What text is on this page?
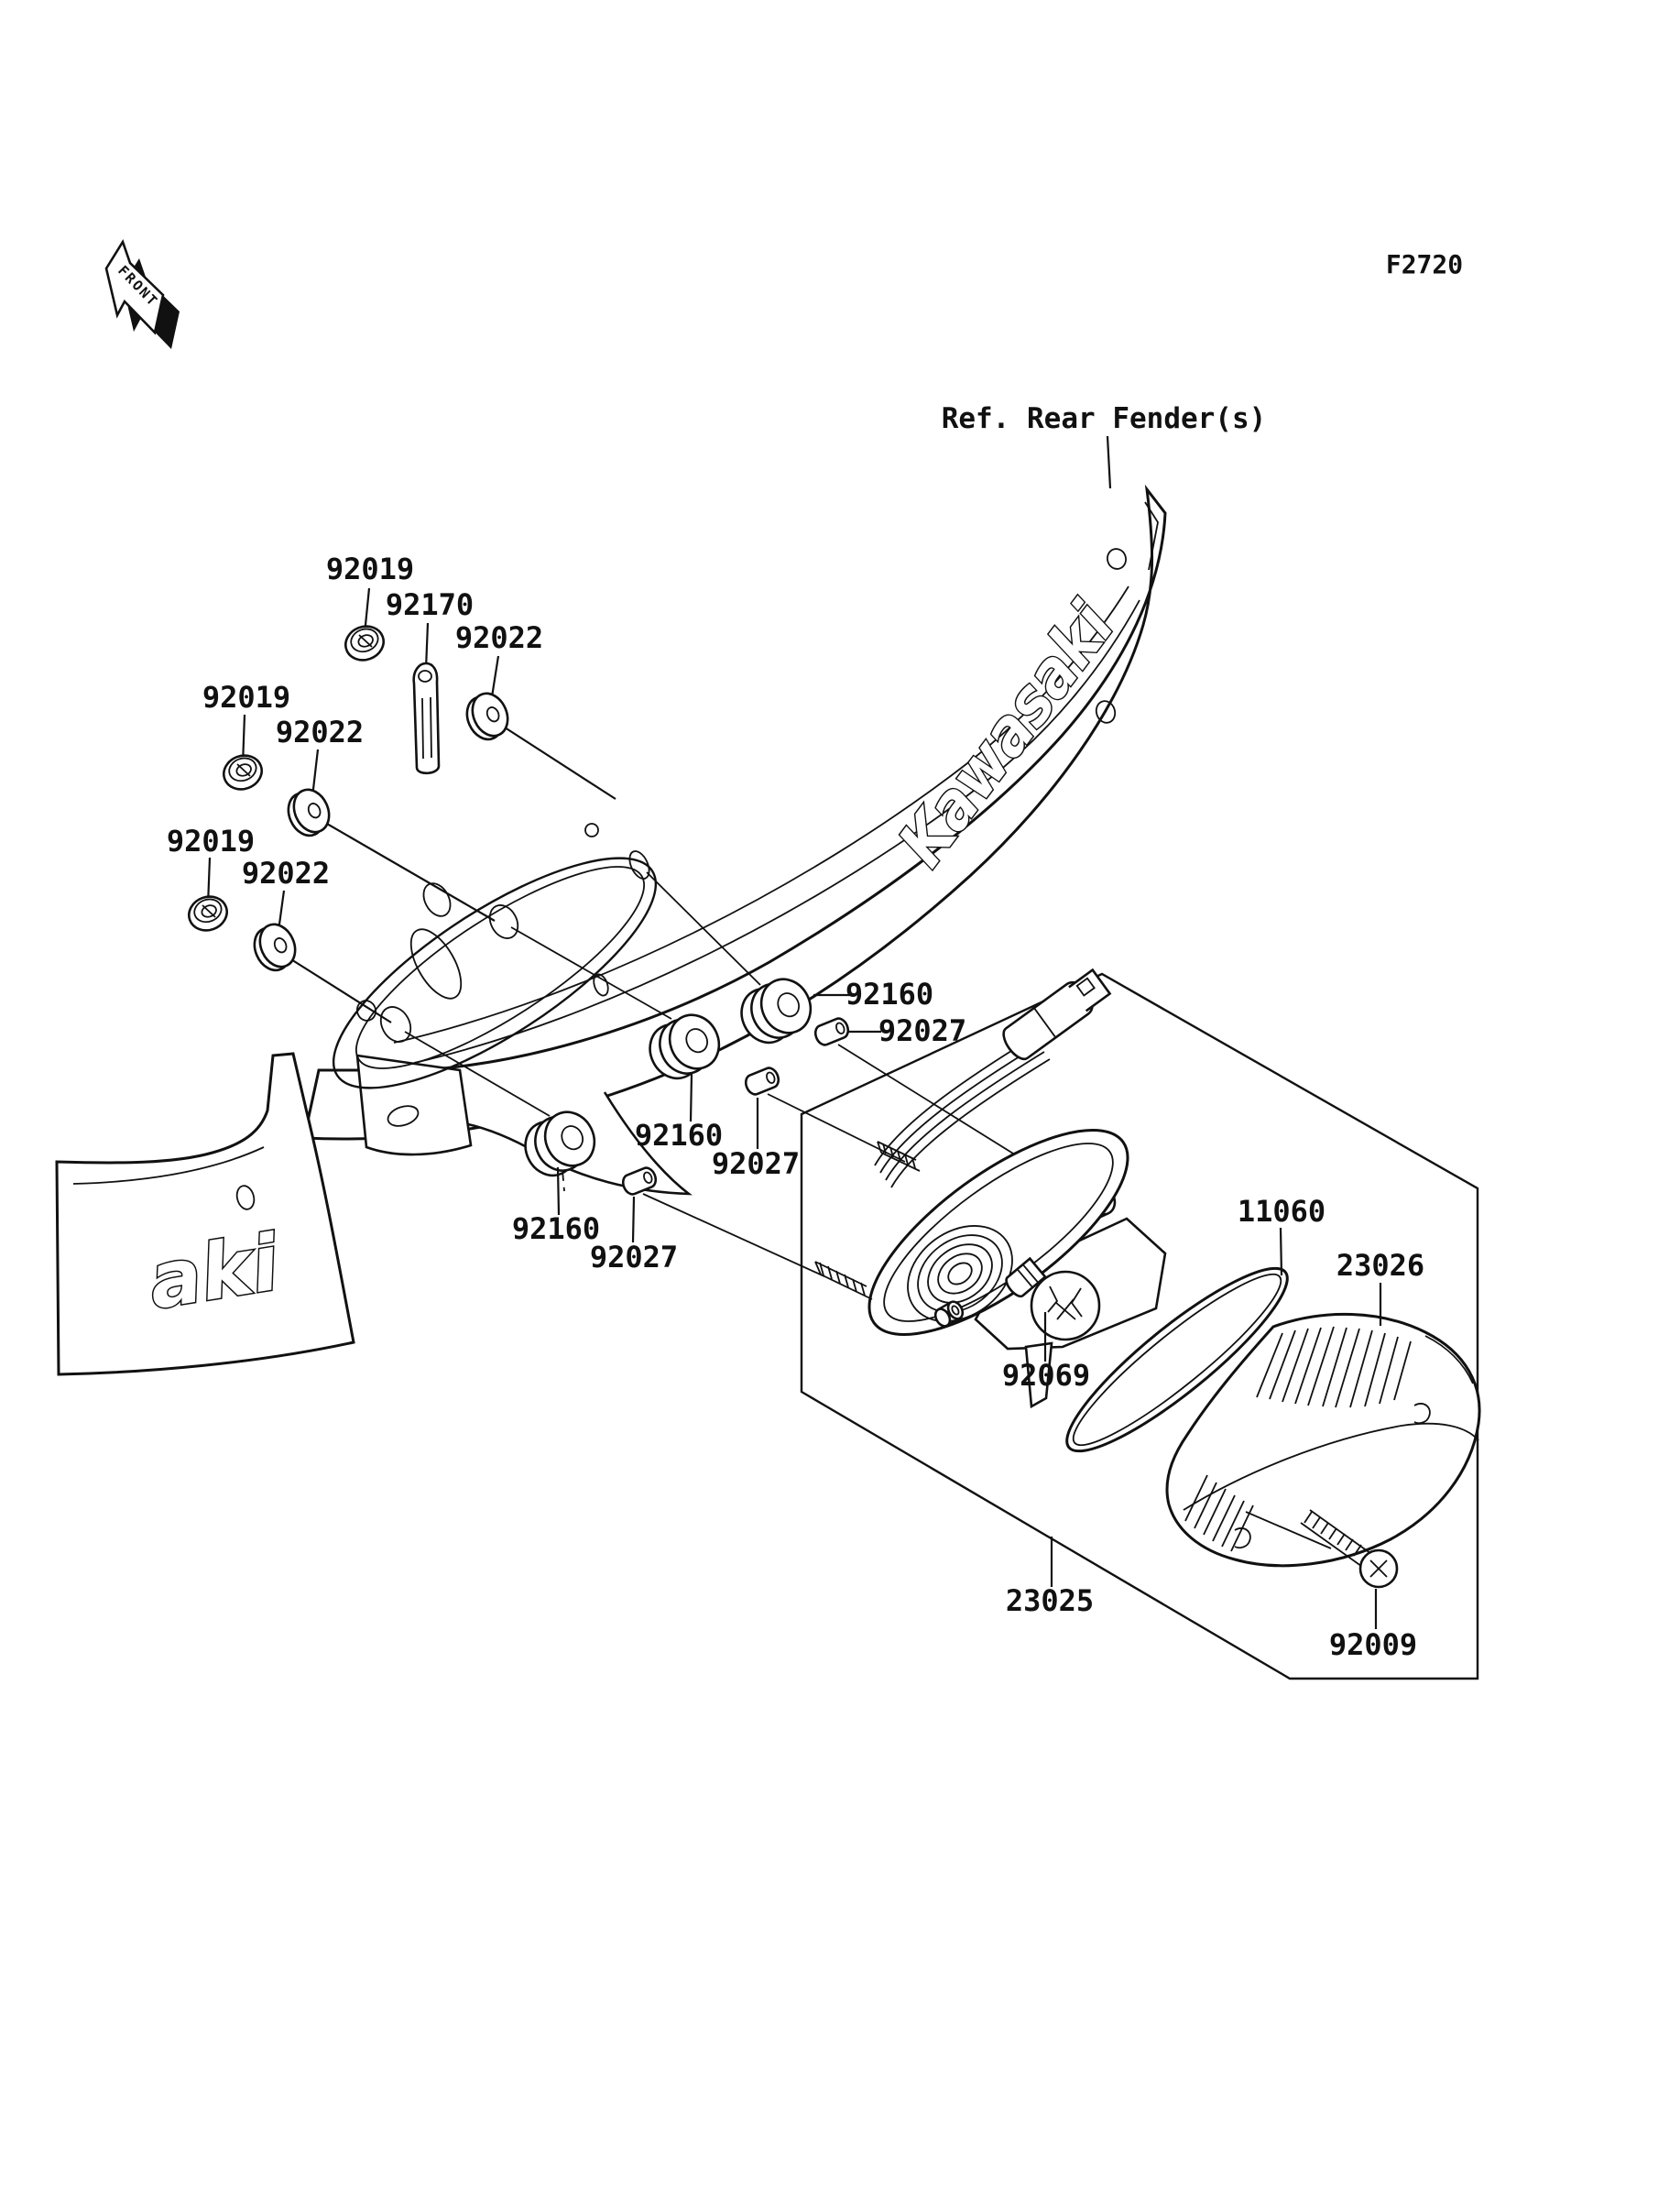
Kawasaki
aki
FRONT	F2720
Ref. Rear Fender(s)
92019
92170
92022
92019
92022
92019
92022
92160
92027
92160
92027
92160
92027
11060
23026
92069
23025
92009
